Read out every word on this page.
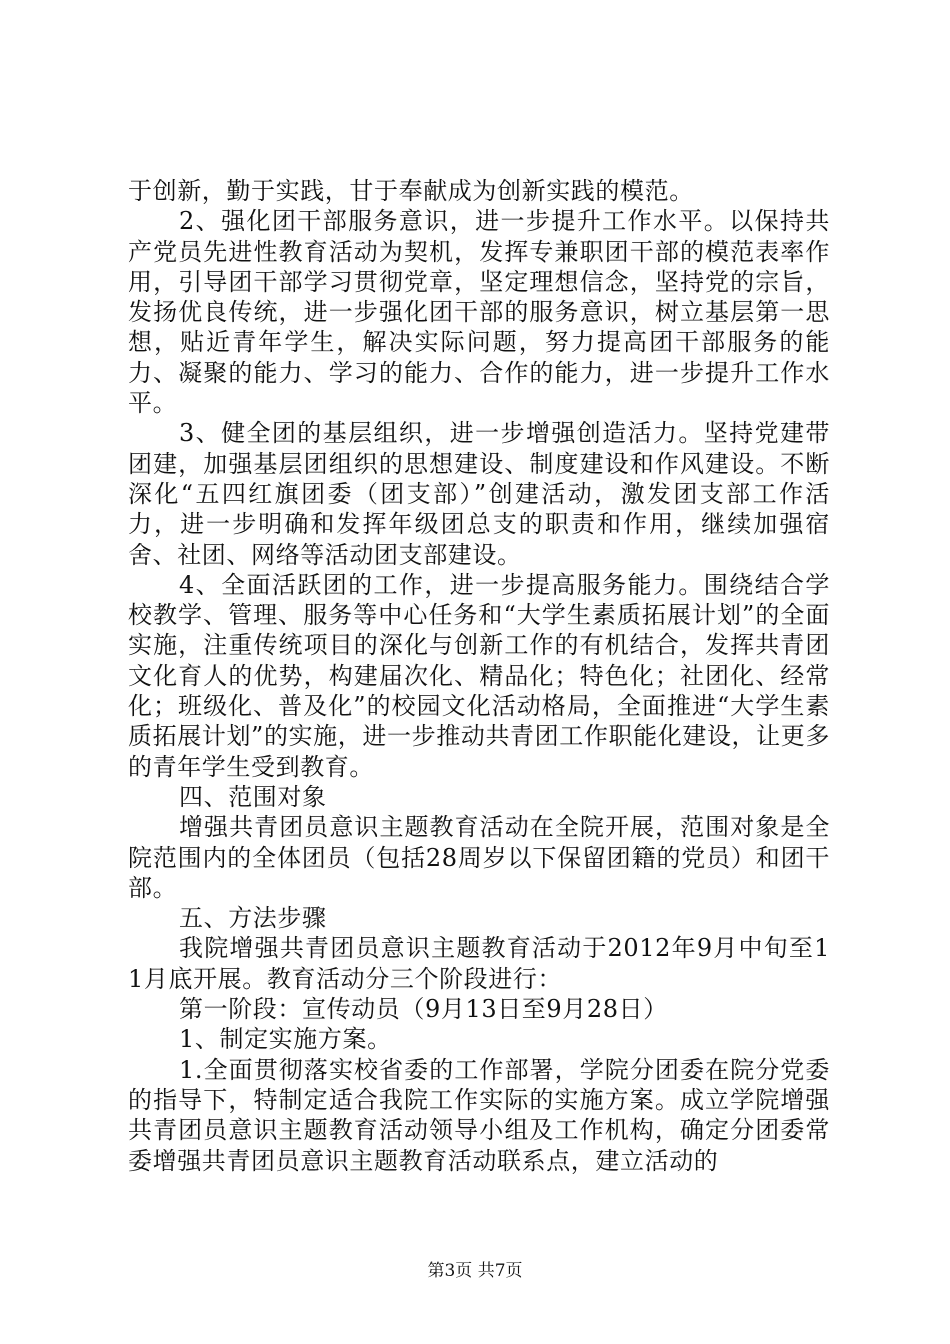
于创新，勤于实践，甘于奉献成为创新实践的模范。

2、强化团干部服务意识，进一步提升工作水平。以保持共产党员先进性教育活动为契机，发挥专兼职团干部的模范表率作用，引导团干部学习贯彻党章，坚定理想信念，坚持党的宗旨，发扬优良传统，进一步强化团干部的服务意识，树立基层第一思想，贴近青年学生，解决实际问题，努力提高团干部服务的能力、凝聚的能力、学习的能力、合作的能力，进一步提升工作水平。

3、健全团的基层组织，进一步增强创造活力。坚持党建带团建，加强基层团组织的思想建设、制度建设和作风建设。不断深化“五四红旗团委（团支部）”创建活动，激发团支部工作活力，进一步明确和发挥年级团总支的职责和作用，继续加强宿舍、社团、网络等活动团支部建设。

4、全面活跃团的工作，进一步提高服务能力。围绕结合学校教学、管理、服务等中心任务和“大学生素质拓展计划”的全面实施，注重传统项目的深化与创新工作的有机结合，发挥共青团文化育人的优势，构建届次化、精品化；特色化；社团化、经常化；班级化、普及化”的校园文化活动格局，全面推进“大学生素质拓展计划”的实施，进一步推动共青团工作职能化建设，让更多的青年学生受到教育。

四、范围对象

增强共青团员意识主题教育活动在全院开展，范围对象是全院范围内的全体团员（包括28周岁以下保留团籍的党员）和团干部。

五、方法步骤

我院增强共青团员意识主题教育活动于2012年9月中旬至11月底开展。教育活动分三个阶段进行：

第一阶段：宣传动员（9月13日至9月28日）

1、制定实施方案。

1.全面贯彻落实校省委的工作部署，学院分团委在院分党委的指导下，特制定适合我院工作实际的实施方案。成立学院增强共青团员意识主题教育活动领导小组及工作机构，确定分团委常委增强共青团员意识主题教育活动联系点，建立活动的

第3页 共7页
